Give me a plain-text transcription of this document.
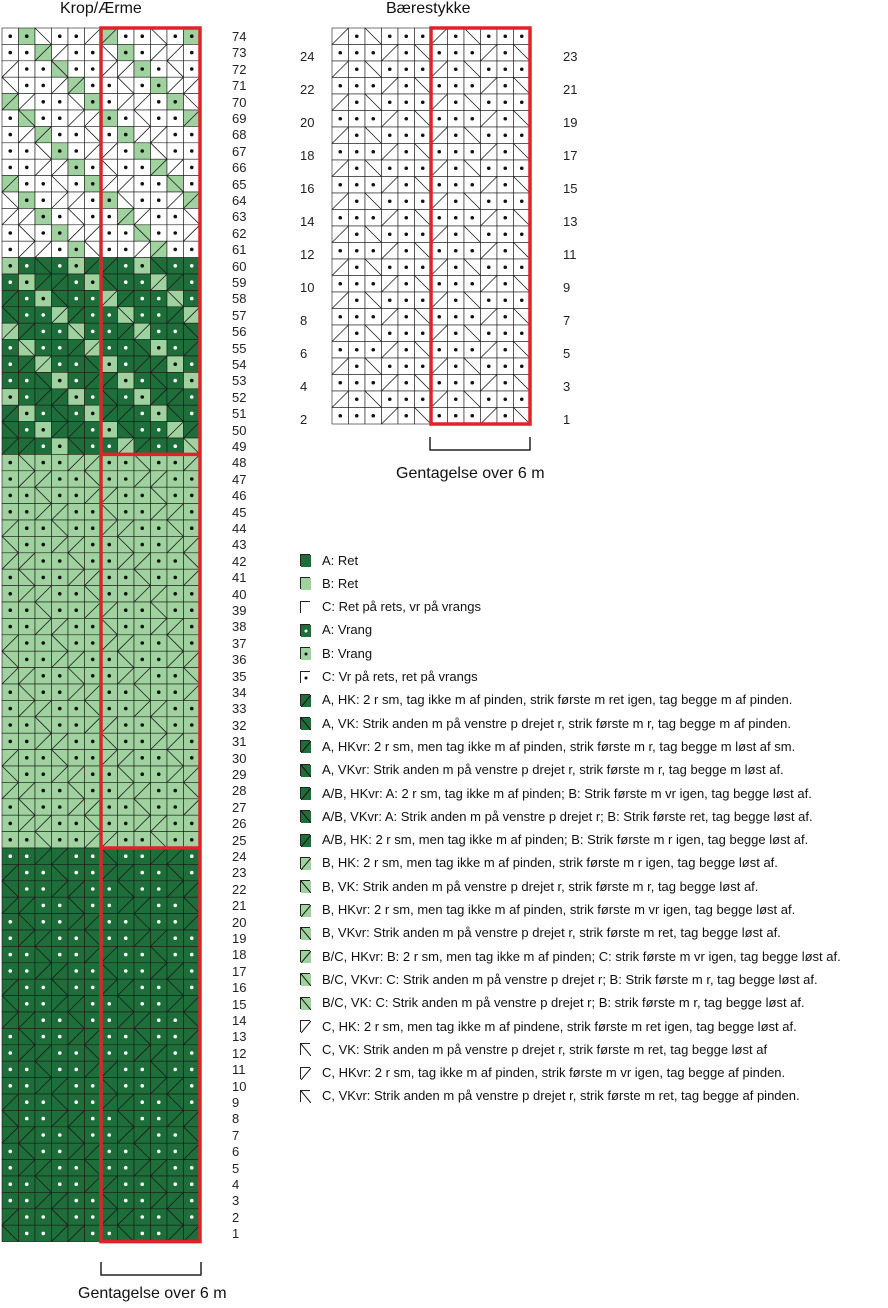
Krop/Ærme	Bærestykke
74
73
72
71
70
69
68
67
66
65
64
63
62
61
60
59
58
57
56
55
54
53
52
51
50
49
48
47
46
45
44
43
42
41
40
39
38
37
36
35
34
33
32
31
30
29
28
27
26
25
24
23
22
21
20
19
18
17
16
15
14
13
12
11
10
9
8
7
6
5
4
3
2
1
24
22
20
18
16
14
12
10
8
6
4
2
23
21
19
17
15
13
11
9
7
5
3
1
Gentagelse over 6 m
Gentagelse over 6 m
A: Ret
B: Ret
C: Ret på rets, vr på vrangs
A: Vrang
B: Vrang
C: Vr på rets, ret på vrangs
A, HK: 2 r sm, tag ikke m af pinden, strik første m ret igen, tag begge m af pinden.
A, VK: Strik anden m på venstre p drejet r, strik første m r, tag begge m af pinden.
A, HKvr: 2 r sm, men tag ikke m af pinden, strik første m r, tag begge m løst af sm.
A, VKvr: Strik anden m på venstre p drejet r, strik første m r, tag begge m løst af.
A/B, HKvr: A: 2 r sm, tag ikke m af pinden; B: Strik første m vr igen, tag begge løst af.
A/B, VKvr: A: Strik anden m på venstre p drejet r; B: Strik første ret, tag begge løst af.
A/B, HK: 2 r sm, men tag ikke m af pinden; B: Strik første m r igen, tag begge løst af.
B, HK: 2 r sm, men tag ikke m af pinden, strik første m r igen, tag begge løst af.
B, VK: Strik anden m på venstre p drejet r, strik første m r, tag begge løst af.
B, HKvr: 2 r sm, men tag ikke m af pinden, strik første m vr igen, tag begge løst af.
B, VKvr: Strik anden m på venstre p drejet r, strik første m ret, tag begge løst af.
B/C, HKvr: B: 2 r sm, men tag ikke m af pinden; C: strik første m vr igen, tag begge løst af.
B/C, VKvr: C: Strik anden m på venstre p drejet r; B: Strik første m r, tag begge løst af.
B/C, VK: C: Strik anden m på venstre p drejet r; B: strik første m r, tag begge løst af.
C, HK: 2 r sm, men tag ikke m af pindene, strik første m ret igen, tag begge løst af.
C, VK: Strik anden m på venstre p drejet r, strik første m ret, tag begge løst af
C, HKvr: 2 r sm, tag ikke m af pinden, strik første m vr igen, tag begge af pinden.
C, VKvr: Strik anden m på venstre p drejet r, strik første m ret, tag begge af pinden.
